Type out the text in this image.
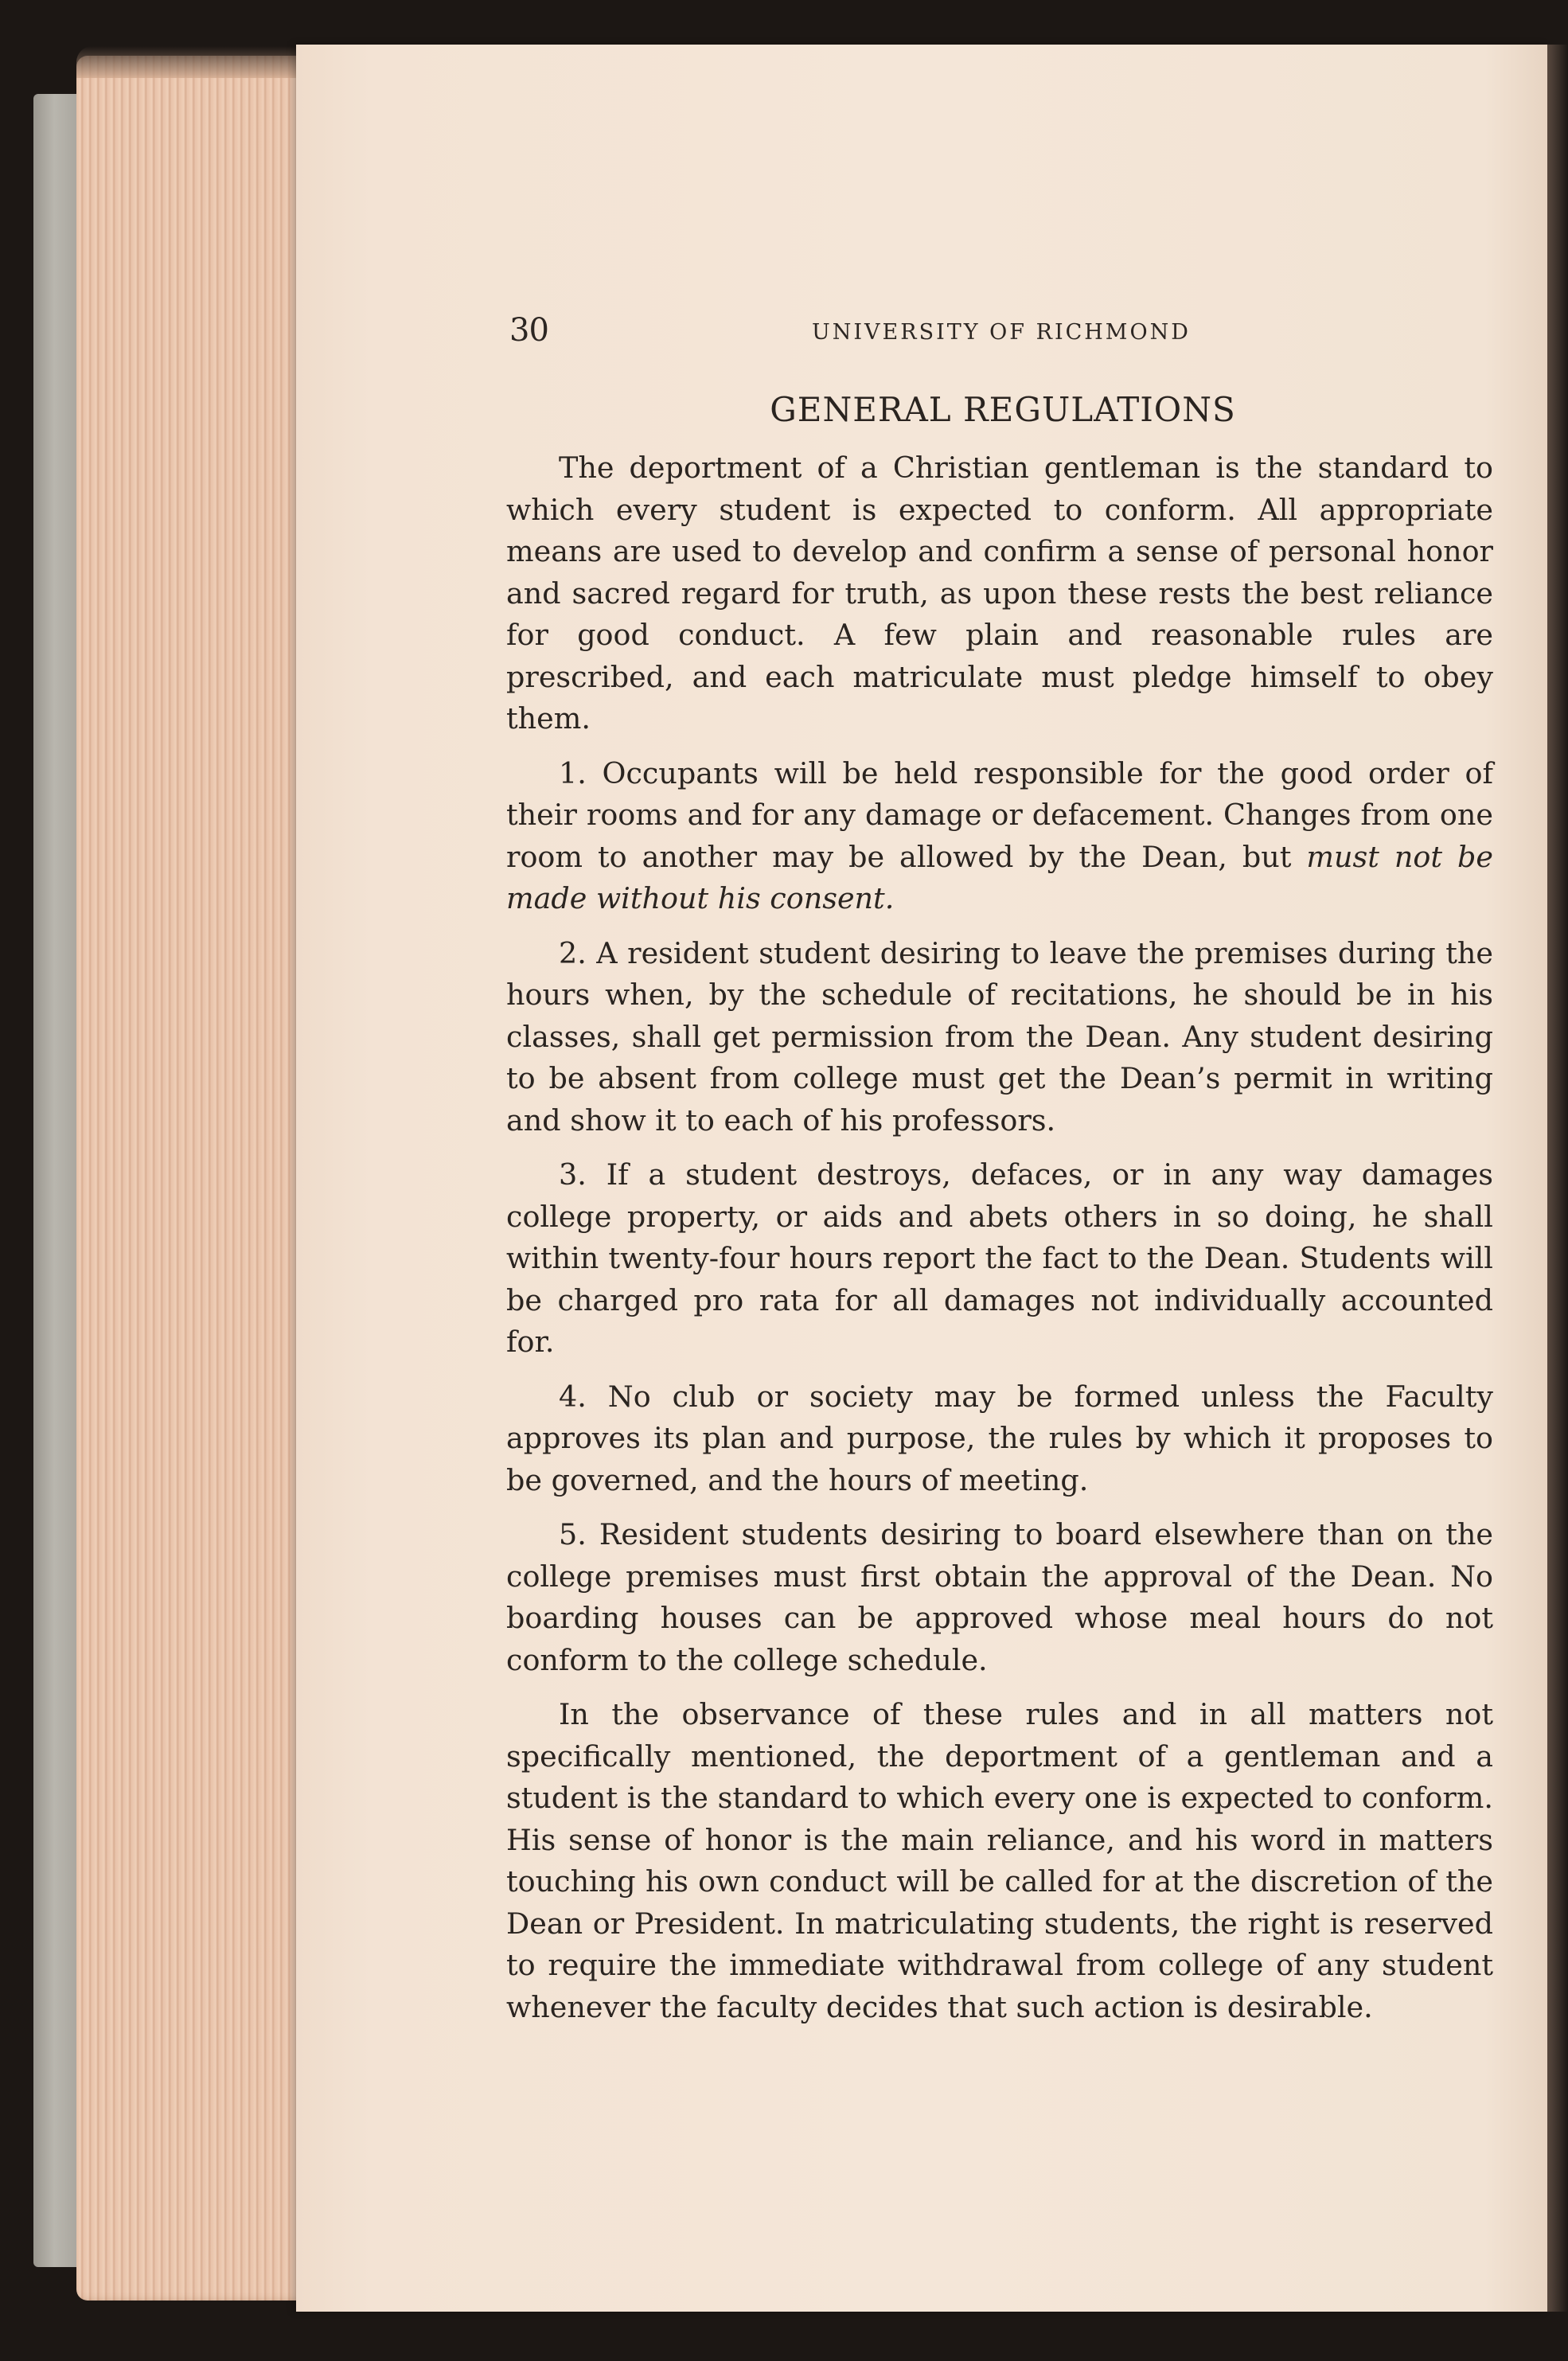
30	UNIVERSITY OF RICHMOND
GENERAL REGULATIONS

The deportment of a Christian gentleman is the standard to which every student is expected to conform. All appropriate means are used to develop and confirm a sense of personal honor and sacred regard for truth, as upon these rests the best reliance for good conduct. A few plain and reasonable rules are prescribed, and each matriculate must pledge himself to obey them.

1. Occupants will be held responsible for the good order of their rooms and for any damage or defacement. Changes from one room to another may be allowed by the Dean, but must not be made without his consent.

2. A resident student desiring to leave the premises during the hours when, by the schedule of recitations, he should be in his classes, shall get permission from the Dean. Any student desiring to be absent from college must get the Dean’s permit in writing and show it to each of his professors.

3. If a student destroys, defaces, or in any way damages college property, or aids and abets others in so doing, he shall within twenty-four hours report the fact to the Dean. Students will be charged pro rata for all damages not individually accounted for.

4. No club or society may be formed unless the Faculty approves its plan and purpose, the rules by which it proposes to be governed, and the hours of meeting.

5. Resident students desiring to board elsewhere than on the college premises must first obtain the approval of the Dean. No boarding houses can be approved whose meal hours do not conform to the college schedule.

In the observance of these rules and in all matters not specifically mentioned, the deportment of a gentleman and a student is the standard to which every one is expected to conform. His sense of honor is the main reliance, and his word in matters touching his own conduct will be called for at the discretion of the Dean or President. In matriculating students, the right is reserved to require the immediate withdrawal from college of any student whenever the faculty decides that such action is desirable.
